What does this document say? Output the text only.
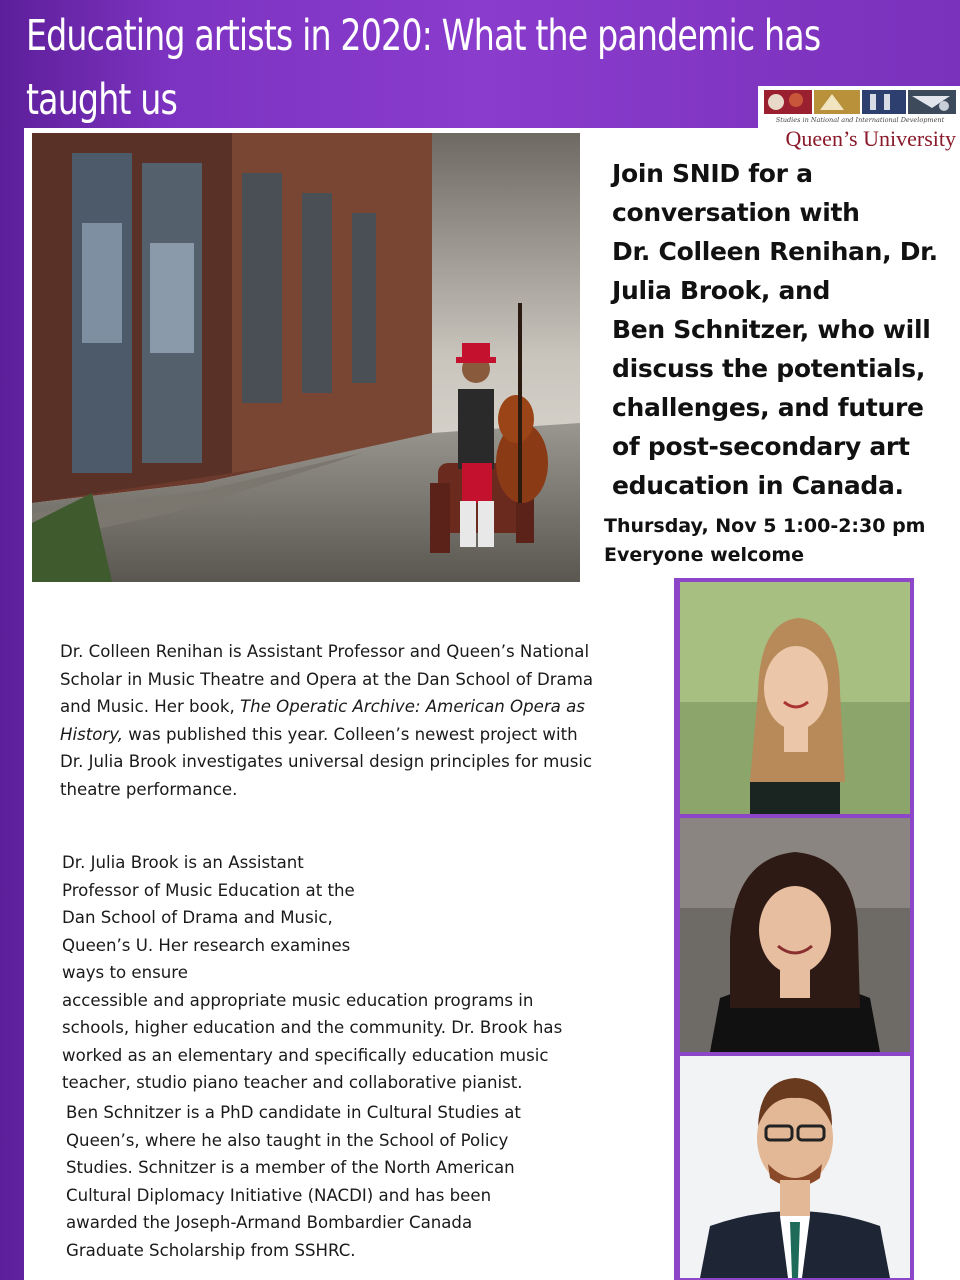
Educating artists in 2020: What the pandemic has
taught us	Studies in National and International Development
Queen’s University

Join SNID for a

conversation with

Dr. Colleen Renihan, Dr.

Julia Brook, and

Ben Schnitzer, who will

discuss the potentials,

challenges, and future

of post-secondary art

education in Canada.

Thursday, Nov 5 1:00-2:30 pm
Everyone welcome
Dr. Colleen Renihan is Assistant Professor and Queen’s National Scholar in Music Theatre and Opera at the Dan School of Drama and Music. Her book, The Operatic Archive: American Opera as History, was published this year. Colleen’s newest project with Dr. Julia Brook investigates universal design principles for music theatre performance.
Dr. Julia Brook is an Assistant Professor of Music Education at the Dan School of Drama and Music, Queen’s U. Her research examines ways to ensure
accessible and appropriate music education programs in schools, higher education and the community. Dr. Brook has worked as an elementary and specifically education music teacher, studio piano teacher and collaborative pianist.
Ben Schnitzer is a PhD candidate in Cultural Studies at Queen’s, where he also taught in the School of Policy Studies. Schnitzer is a member of the North American Cultural Diplomacy Initiative (NACDI) and has been awarded the Joseph-Armand Bombardier Canada Graduate Scholarship from SSHRC.
